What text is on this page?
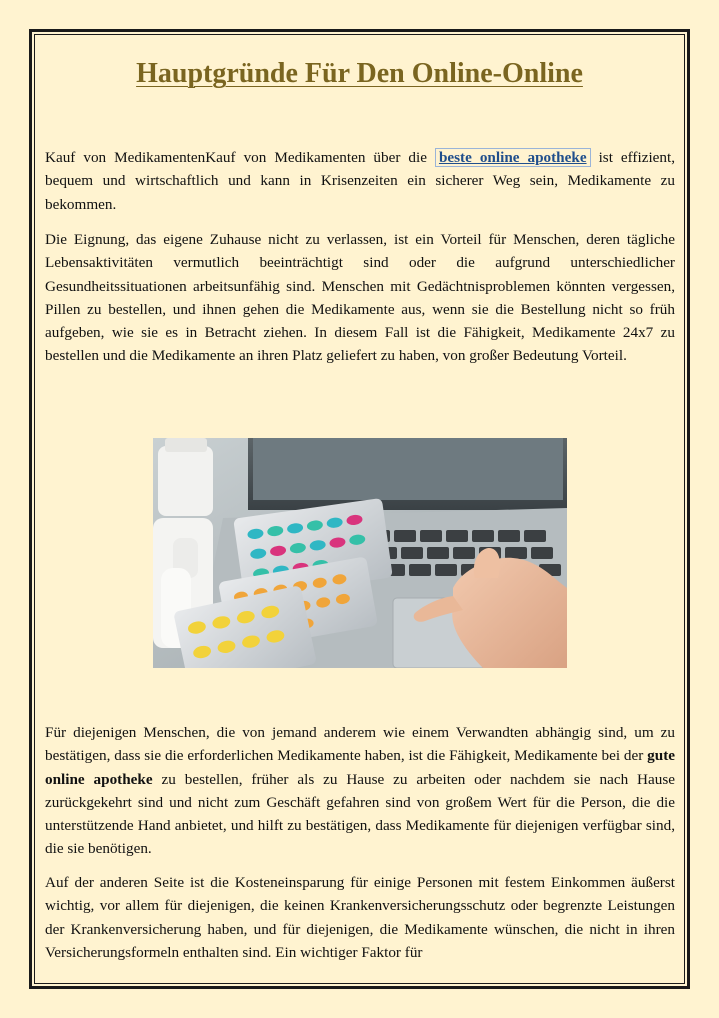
Hauptgründe Für Den Online-Online

Kauf von MedikamentenKauf von Medikamenten über die beste online apotheke ist effizient, bequem und wirtschaftlich und kann in Krisenzeiten ein sicherer Weg sein, Medikamente zu bekommen.

Die Eignung, das eigene Zuhause nicht zu verlassen, ist ein Vorteil für Menschen, deren tägliche Lebensaktivitäten vermutlich beeinträchtigt sind oder die aufgrund unterschiedlicher Gesundheitssituationen arbeitsunfähig sind. Menschen mit Gedächtnisproblemen könnten vergessen, Pillen zu bestellen, und ihnen gehen die Medikamente aus, wenn sie die Bestellung nicht so früh aufgeben, wie sie es in Betracht ziehen. In diesem Fall ist die Fähigkeit, Medikamente 24x7 zu bestellen und die Medikamente an ihren Platz geliefert zu haben, von großer Bedeutung Vorteil.

Für diejenigen Menschen, die von jemand anderem wie einem Verwandten abhängig sind, um zu bestätigen, dass sie die erforderlichen Medikamente haben, ist die Fähigkeit, Medikamente bei der gute online apotheke zu bestellen, früher als zu Hause zu arbeiten oder nachdem sie nach Hause zurückgekehrt sind und nicht zum Geschäft gefahren sind von großem Wert für die Person, die die unterstützende Hand anbietet, und hilft zu bestätigen, dass Medikamente für diejenigen verfügbar sind, die sie benötigen.

Auf der anderen Seite ist die Kosteneinsparung für einige Personen mit festem Einkommen äußerst wichtig, vor allem für diejenigen, die keinen Krankenversicherungsschutz oder begrenzte Leistungen der Krankenversicherung haben, und für diejenigen, die Medikamente wünschen, die nicht in ihren Versicherungsformeln enthalten sind. Ein wichtiger Faktor für
